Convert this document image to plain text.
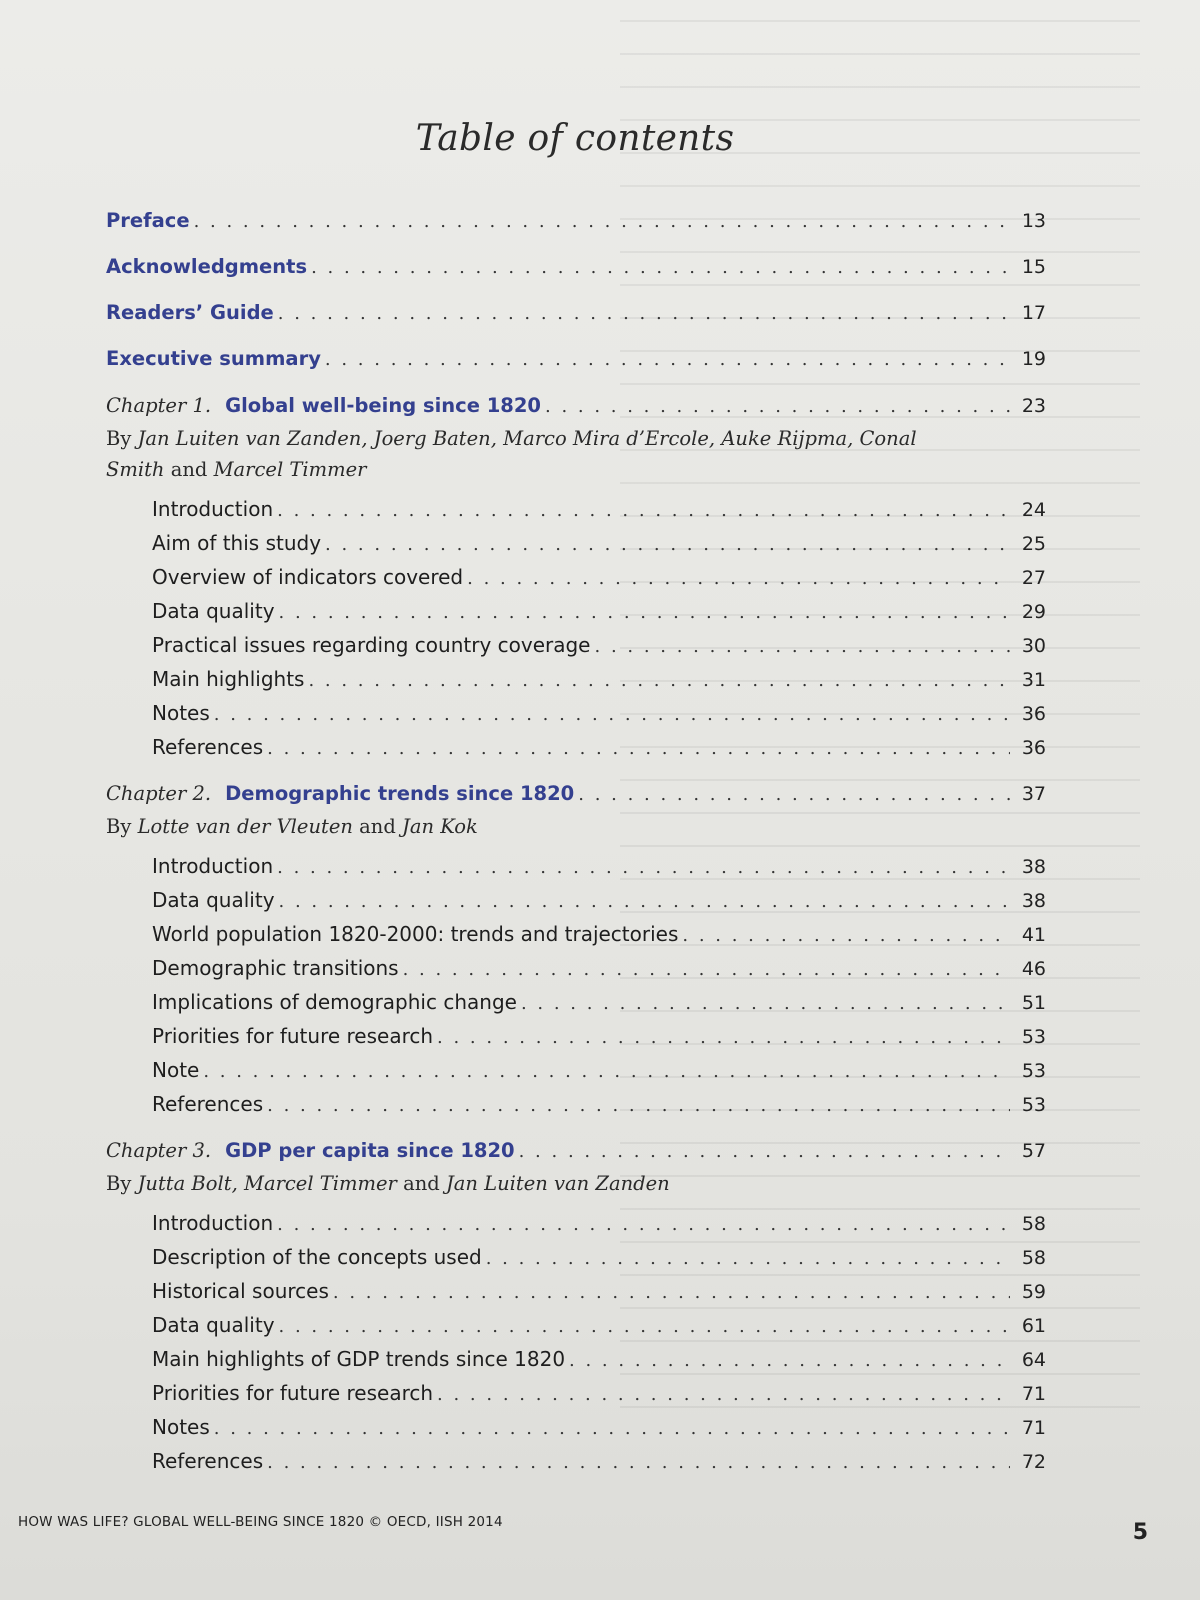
Table of contents
Preface . . .	13
Acknowledgments . . .	15
Readers’ Guide . . .	17
Executive summary . . .	19
Chapter 1. Global well-being since 1820 . . .	23
By Jan Luiten van Zanden, Joerg Baten, Marco Mira d’Ercole, Auke Rijpma, Conal Smith and Marcel Timmer
Introduction . . .	24
Aim of this study . . .	25
Overview of indicators covered . . .	27
Data quality . . .	29
Practical issues regarding country coverage . . .	30
Main highlights . . .	31
Notes . . .	36
References . . .	36
Chapter 2. Demographic trends since 1820 . . .	37
By Lotte van der Vleuten and Jan Kok
Introduction . . .	38
Data quality . . .	38
World population 1820-2000: trends and trajectories . . .	41
Demographic transitions . . .	46
Implications of demographic change . . .	51
Priorities for future research . . .	53
Note . . .	53
References . . .	53
Chapter 3. GDP per capita since 1820 . . .	57
By Jutta Bolt, Marcel Timmer and Jan Luiten van Zanden
Introduction . . .	58
Description of the concepts used . . .	58
Historical sources . . .	59
Data quality . . .	61
Main highlights of GDP trends since 1820 . . .	64
Priorities for future research . . .	71
Notes . . .	71
References . . .	72
HOW WAS LIFE? GLOBAL WELL-BEING SINCE 1820 © OECD, IISH 2014	5
